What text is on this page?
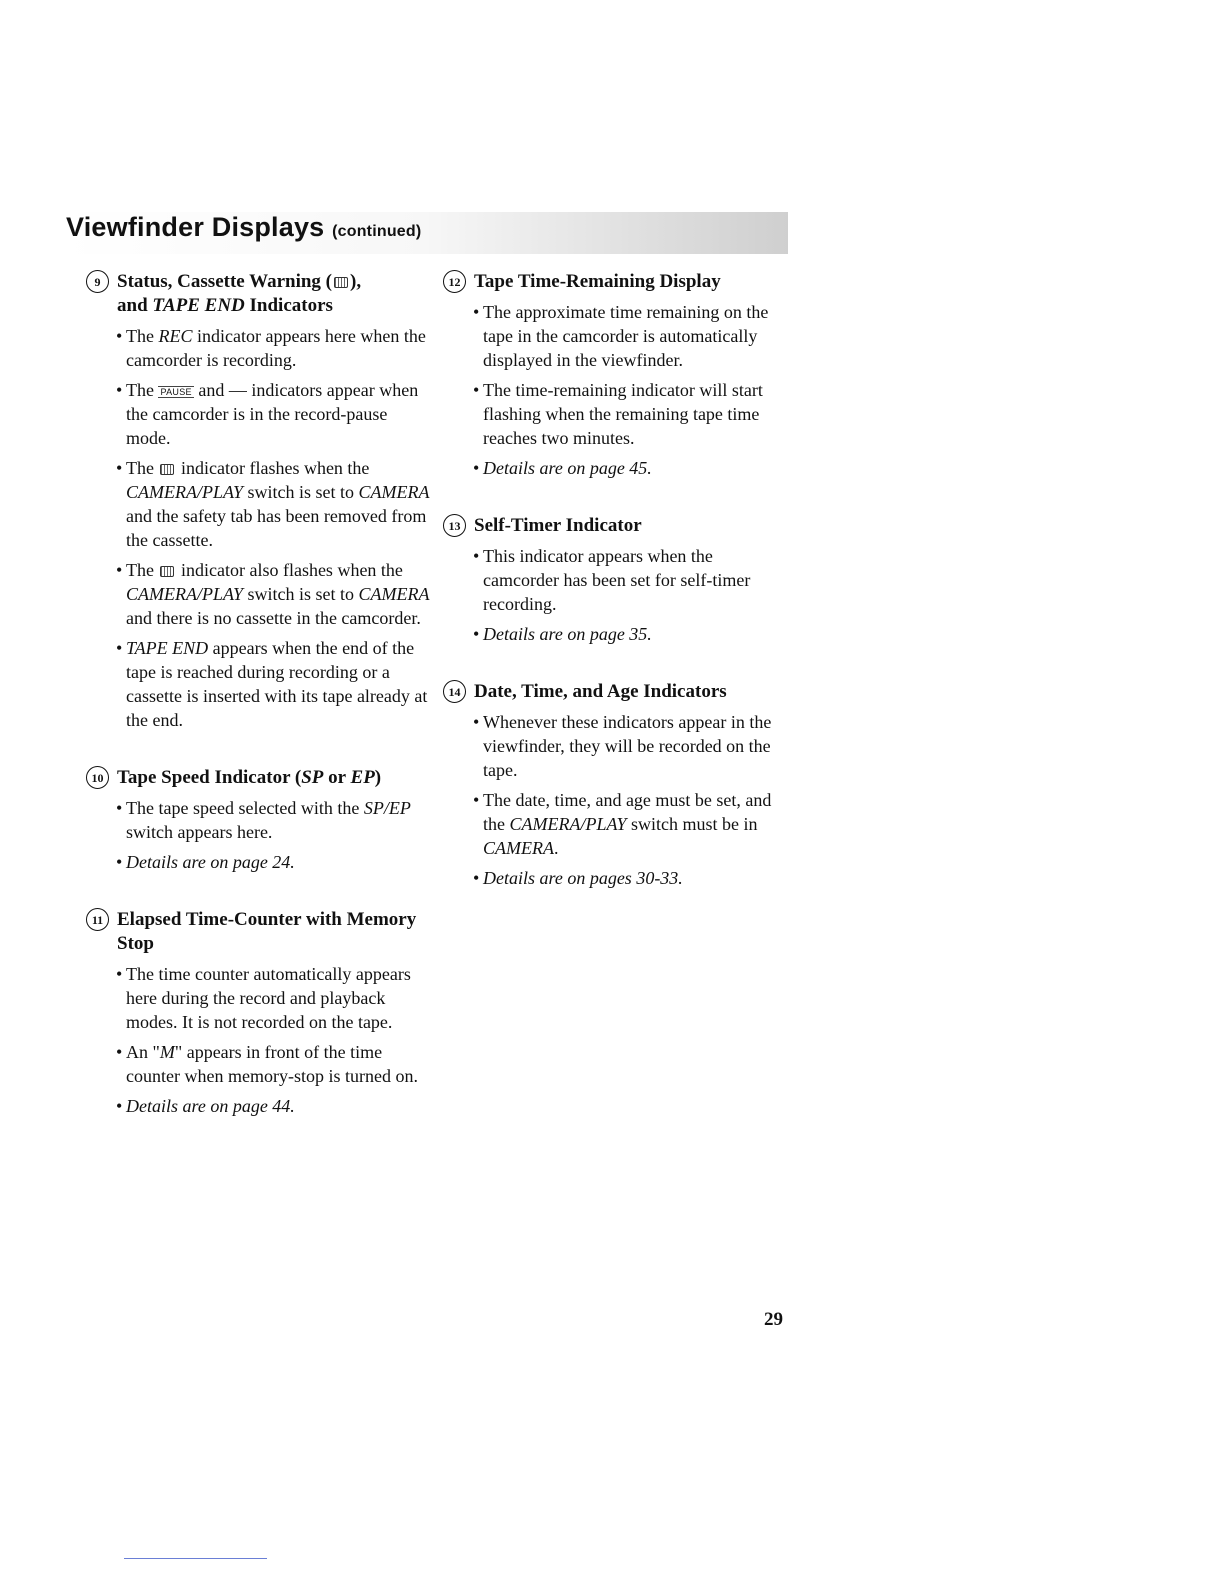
Viewfinder Displays (continued)
9 Status, Cassette Warning ( ),
and TAPE END Indicators
• The REC indicator appears here when the camcorder is recording.
• The PAUSE and — indicators appear when the camcorder is in the record-pause mode.
• The  indicator flashes when the CAMERA/PLAY switch is set to CAMERA and the safety tab has been removed from the cassette.
• The  indicator also flashes when the CAMERA/PLAY switch is set to CAMERA and there is no cassette in the camcorder.
• TAPE END appears when the end of the tape is reached during recording or a cassette is inserted with its tape already at the end.
10 Tape Speed Indicator (SP or EP)
• The tape speed selected with the SP/EP switch appears here.
• Details are on page 24.
11 Elapsed Time-Counter with Memory Stop
• The time counter automatically appears here during the record and playback modes. It is not recorded on the tape.
• An "M" appears in front of the time counter when memory-stop is turned on.
• Details are on page 44.
12 Tape Time-Remaining Display
• The approximate time remaining on the tape in the camcorder is automatically displayed in the viewfinder.
• The time-remaining indicator will start flashing when the remaining tape time reaches two minutes.
• Details are on page 45.
13 Self-Timer Indicator
• This indicator appears when the camcorder has been set for self-timer recording.
• Details are on page 35.
14 Date, Time, and Age Indicators
• Whenever these indicators appear in the viewfinder, they will be recorded on the tape.
• The date, time, and age must be set, and the CAMERA/PLAY switch must be in CAMERA.
• Details are on pages 30-33.
29
